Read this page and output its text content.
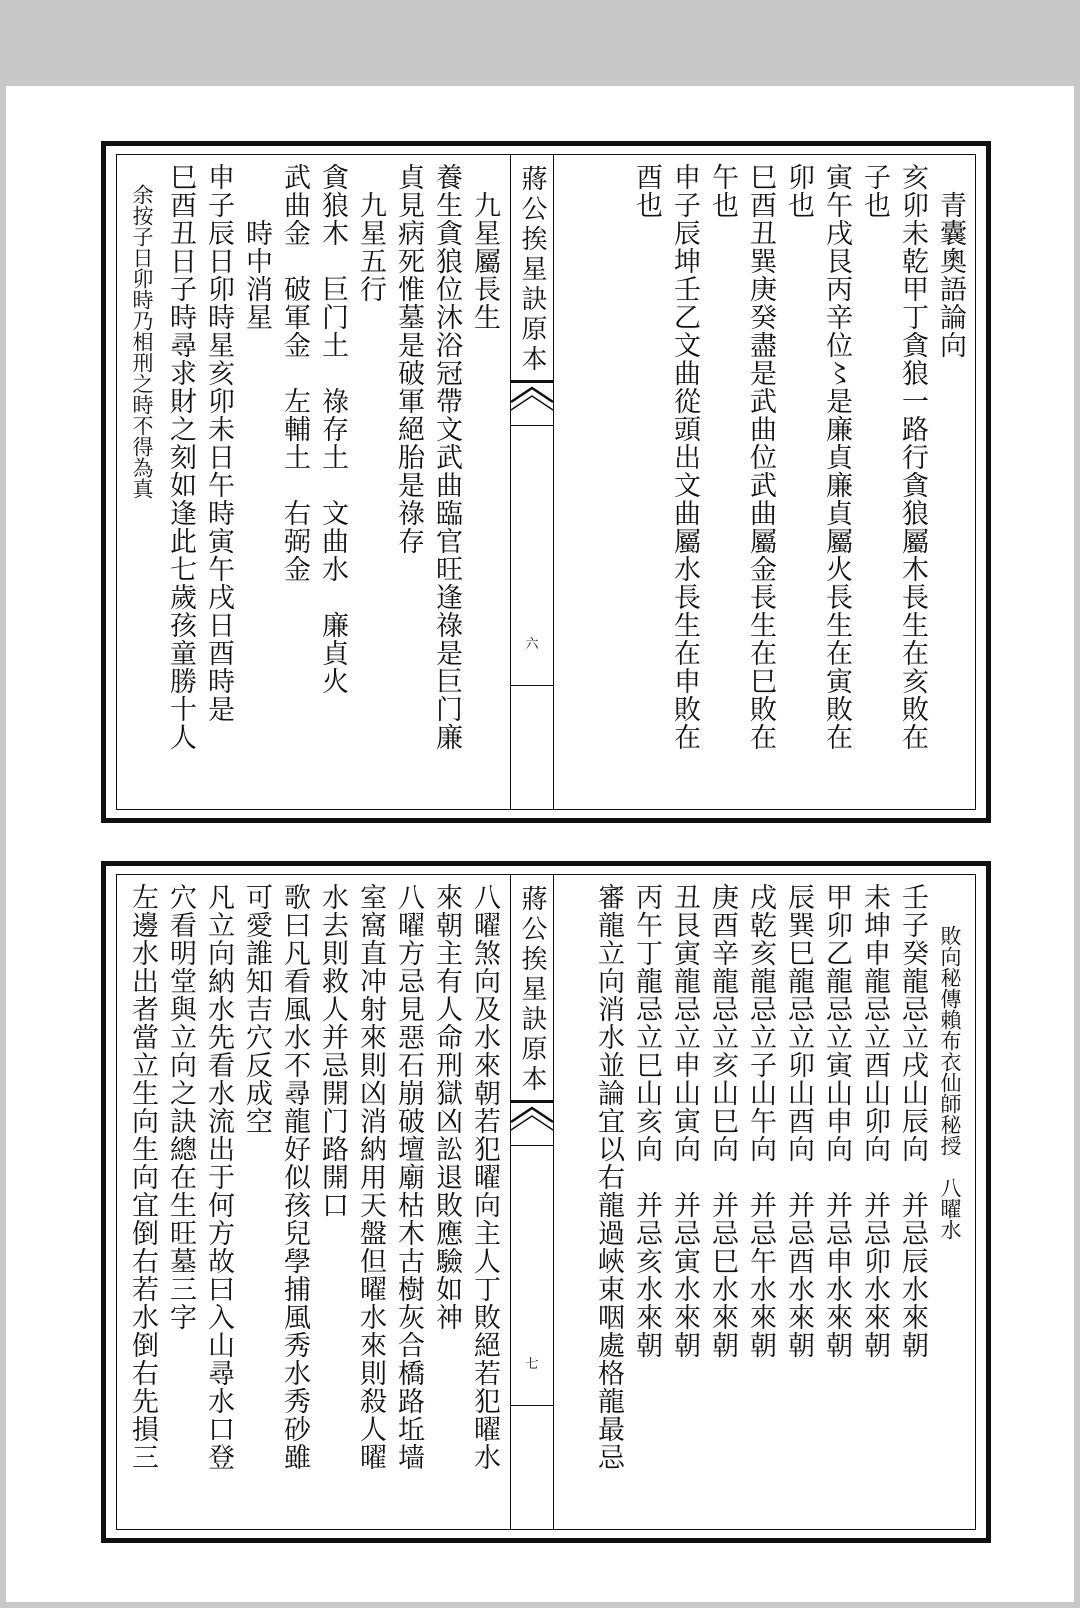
　青囊奧語論向
亥卯未乾甲丁貪狼一路行貪狼屬木長生在亥敗在
子也
寅午戌艮丙辛位〻是廉貞廉貞屬火長生在寅敗在
卯也
巳酉丑巽庚癸盡是武曲位武曲屬金長生在巳敗在
午也
申子辰坤壬乙文曲從頭出文曲屬水長生在申敗在
酉也
蔣公挨星訣原本
六
　九星屬長生
養生貪狼位沐浴冠帶文武曲臨官旺逢祿是巨门廉
貞見病死惟墓是破軍絕胎是祿存
　九星五行
貪狼木　巨门土　祿存土　文曲水　廉貞火
武曲金　破軍金　左輔土　右弼金
　　時中消星
申子辰日卯時星亥卯未日午時寅午戌日酉時是
巳酉丑日子時尋求財之刻如逢此七歲孩童勝十人
　余按子日卯時乃相刑之時不得為真
　　敗向秘傳賴布衣仙師秘授　八曜水
壬子癸龍忌立戌山辰向　并忌辰水來朝
未坤申龍忌立酉山卯向　并忌卯水來朝
甲卯乙龍忌立寅山申向　并忌申水來朝
辰巽巳龍忌立卯山酉向　并忌酉水來朝
戌乾亥龍忌立子山午向　并忌午水來朝
庚酉辛龍忌立亥山巳向　并忌巳水來朝
丑艮寅龍忌立申山寅向　并忌寅水來朝
丙午丁龍忌立巳山亥向　并忌亥水來朝
審龍立向消水並論宜以右龍過峽束咽處格龍最忌
蔣公挨星訣原本
七
八曜煞向及水來朝若犯曜向主人丁敗絕若犯曜水
來朝主有人命刑獄凶訟退敗應驗如神
八曜方忌見惡石崩破壇廟枯木古樹灰合橋路坵墙
室窩直冲射來則凶消納用天盤但曜水來則殺人曜
水去則救人并忌開门路開口
歌曰凡看風水不尋龍好似孩兒學捕風秀水秀砂雖
可愛誰知吉穴反成空
凡立向納水先看水流出于何方故曰入山尋水口登
穴看明堂與立向之訣總在生旺墓三字
左邊水出者當立生向生向宜倒右若水倒右先損三
